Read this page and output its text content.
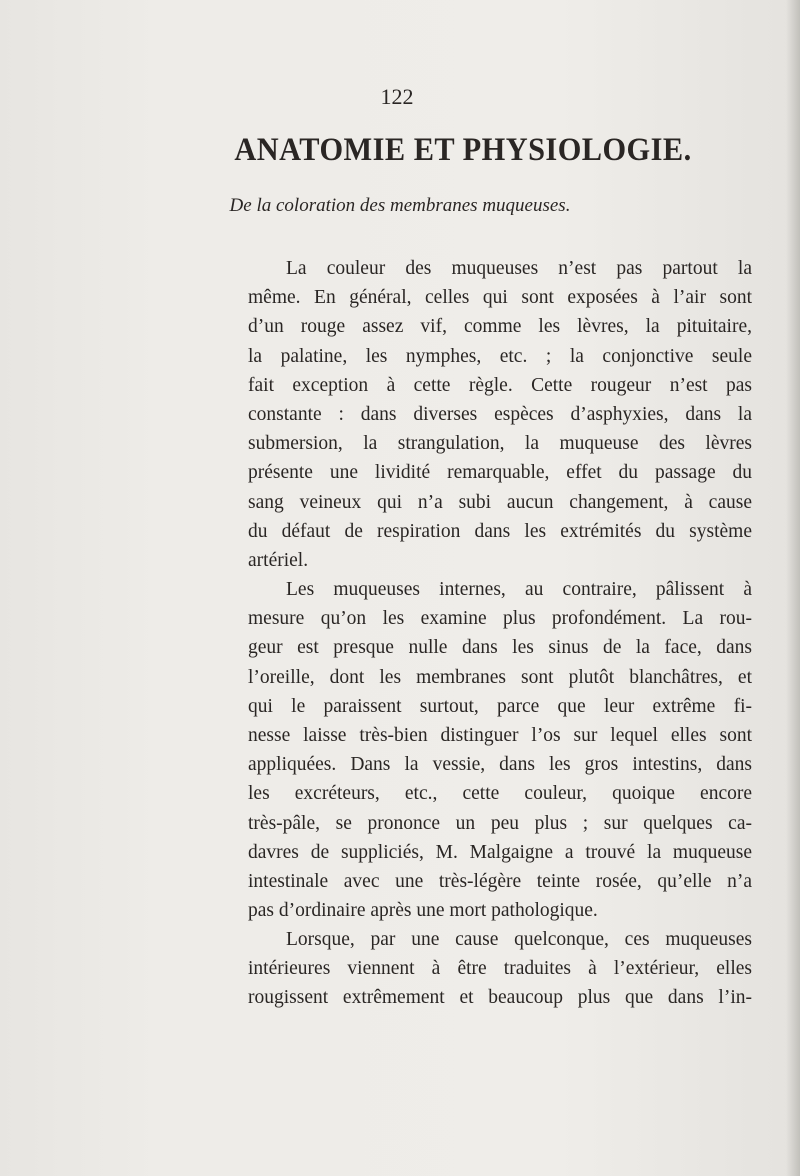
122
ANATOMIE ET PHYSIOLOGIE.
De la coloration des membranes muqueuses.
La couleur des muqueuses n’est pas partout la
même. En général, celles qui sont exposées à l’air sont
d’un rouge assez vif, comme les lèvres, la pituitaire,
la palatine, les nymphes, etc. ; la conjonctive seule
fait exception à cette règle. Cette rougeur n’est pas
constante : dans diverses espèces d’asphyxies, dans la
submersion, la strangulation, la muqueuse des lèvres
présente une lividité remarquable, effet du passage du
sang veineux qui n’a subi aucun changement, à cause
du défaut de respiration dans les extrémités du système
artériel.
Les muqueuses internes, au contraire, pâlissent à
mesure qu’on les examine plus profondément. La rou-
geur est presque nulle dans les sinus de la face, dans
l’oreille, dont les membranes sont plutôt blanchâtres, et
qui le paraissent surtout, parce que leur extrême fi-
nesse laisse très-bien distinguer l’os sur lequel elles sont
appliquées. Dans la vessie, dans les gros intestins, dans
les excréteurs, etc., cette couleur, quoique encore
très-pâle, se prononce un peu plus ; sur quelques ca-
davres de suppliciés, M. Malgaigne a trouvé la muqueuse
intestinale avec une très-légère teinte rosée, qu’elle n’a
pas d’ordinaire après une mort pathologique.
Lorsque, par une cause quelconque, ces muqueuses
intérieures viennent à être traduites à l’extérieur, elles
rougissent extrêmement et beaucoup plus que dans l’in-
